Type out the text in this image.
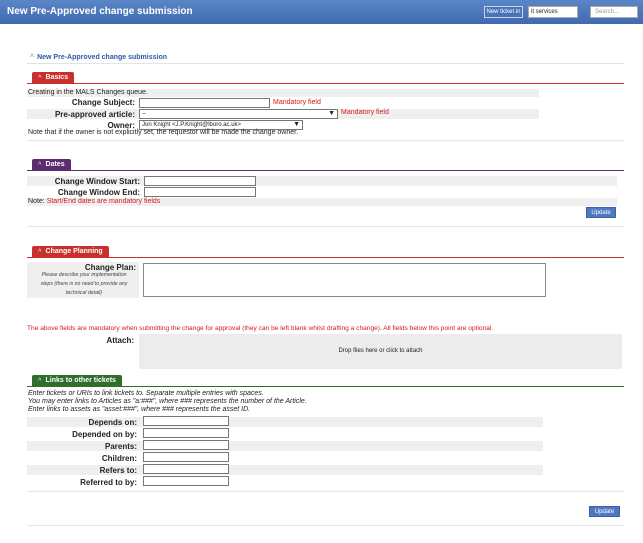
New Pre-Approved change submission	New ticket in	it services	Search...
^ New Pre-Approved change submission
^ Basics
Creating in the MALS Changes queue.
Change Subject:	Mandatory field
Pre-approved article:	--	▼ Mandatory field
Owner:	Jon Knight <J.P.Knight@lboro.ac.uk>	▼
Note that if the owner is not explicitly set, the requestor will be made the change owner.
^ Dates
Change Window Start:
Change Window End:
Note: Start/End dates are mandatory fields
Update
^ Change Planning
Change Plan:
Please describe your implementation
steps (there is no need to provide any
technical detail)
The above fields are mandatory when submitting the change for approval (they can be left blank whilst drafting a change). All fields below this point are optional.
Attach:
Drop files here or click to attach
^ Links to other tickets
Enter tickets or URIs to link tickets to. Separate multiple entries with spaces.
You may enter links to Articles as "a:###", where ### represents the number of the Article.
Enter links to assets as "asset:###", where ### represents the asset ID.
Depends on:
Depended on by:
Parents:
Children:
Refers to:
Referred to by:
Update
